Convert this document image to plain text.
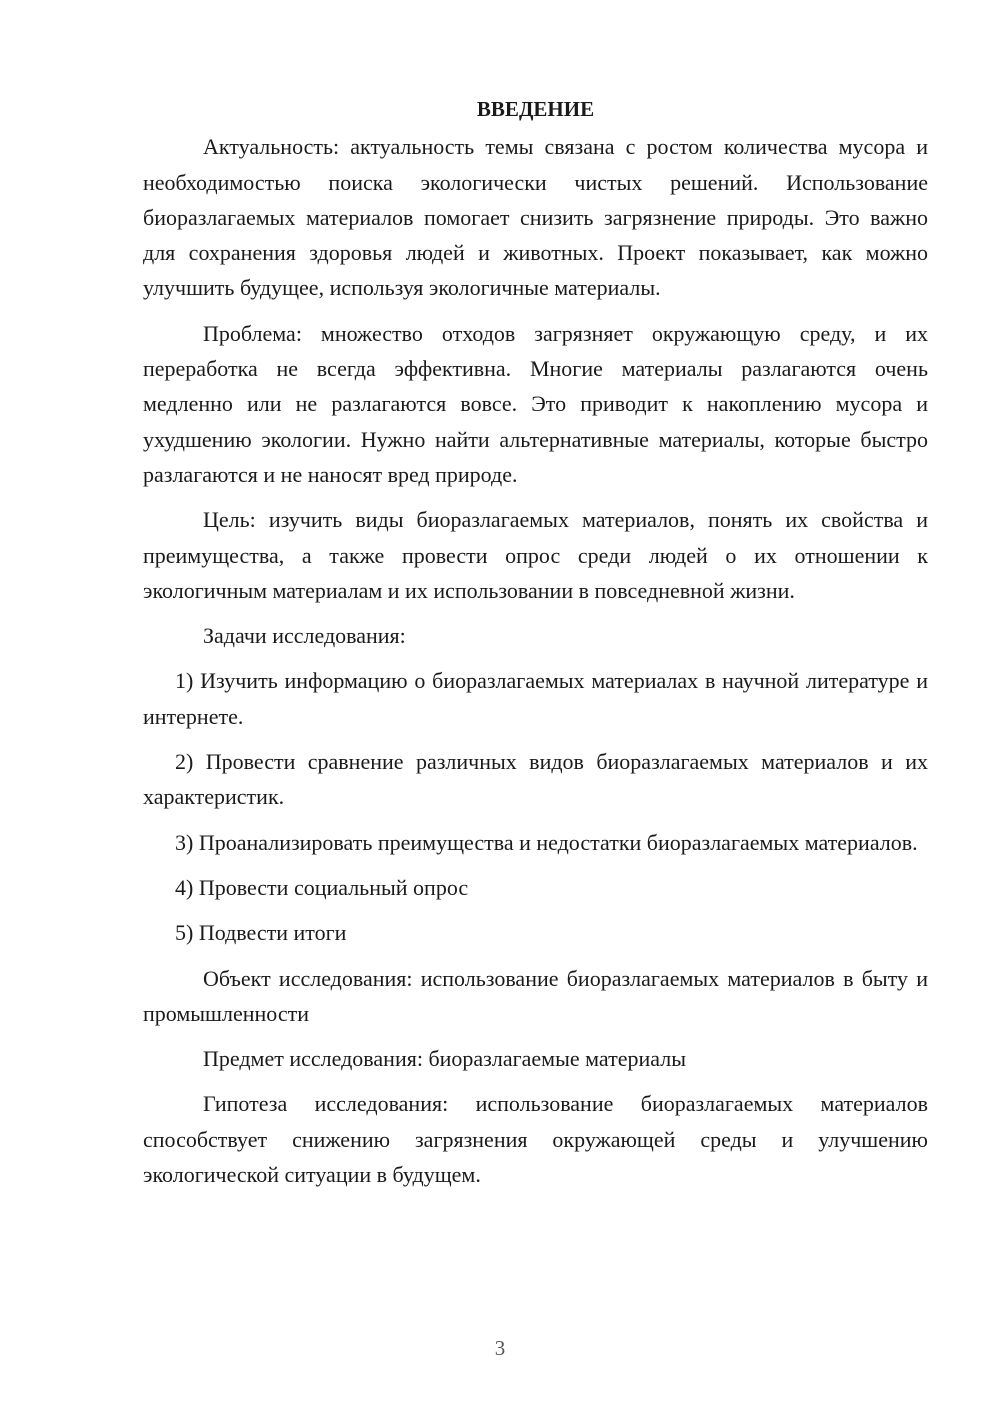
ВВЕДЕНИЕ

Актуальность: актуальность темы связана с ростом количества мусора и необходимостью поиска экологически чистых решений. Использование биоразлагаемых материалов помогает снизить загрязнение природы. Это важно для сохранения здоровья людей и животных. Проект показывает, как можно улучшить будущее, используя экологичные материалы.

Проблема: множество отходов загрязняет окружающую среду, и их переработка не всегда эффективна. Многие материалы разлагаются очень медленно или не разлагаются вовсе. Это приводит к накоплению мусора и ухудшению экологии. Нужно найти альтернативные материалы, которые быстро разлагаются и не наносят вред природе.

Цель: изучить виды биоразлагаемых материалов, понять их свойства и преимущества, а также провести опрос среди людей о их отношении к экологичным материалам и их использовании в повседневной жизни.

Задачи исследования:

1) Изучить информацию о биоразлагаемых материалах в научной литературе и интернете.

2) Провести сравнение различных видов биоразлагаемых материалов и их характеристик.

3) Проанализировать преимущества и недостатки биоразлагаемых материалов.

4) Провести социальный опрос

5) Подвести итоги

Объект исследования: использование биоразлагаемых материалов в быту и промышленности

Предмет исследования: биоразлагаемые материалы

Гипотеза исследования: использование биоразлагаемых материалов способствует снижению загрязнения окружающей среды и улучшению экологической ситуации в будущем.

3
